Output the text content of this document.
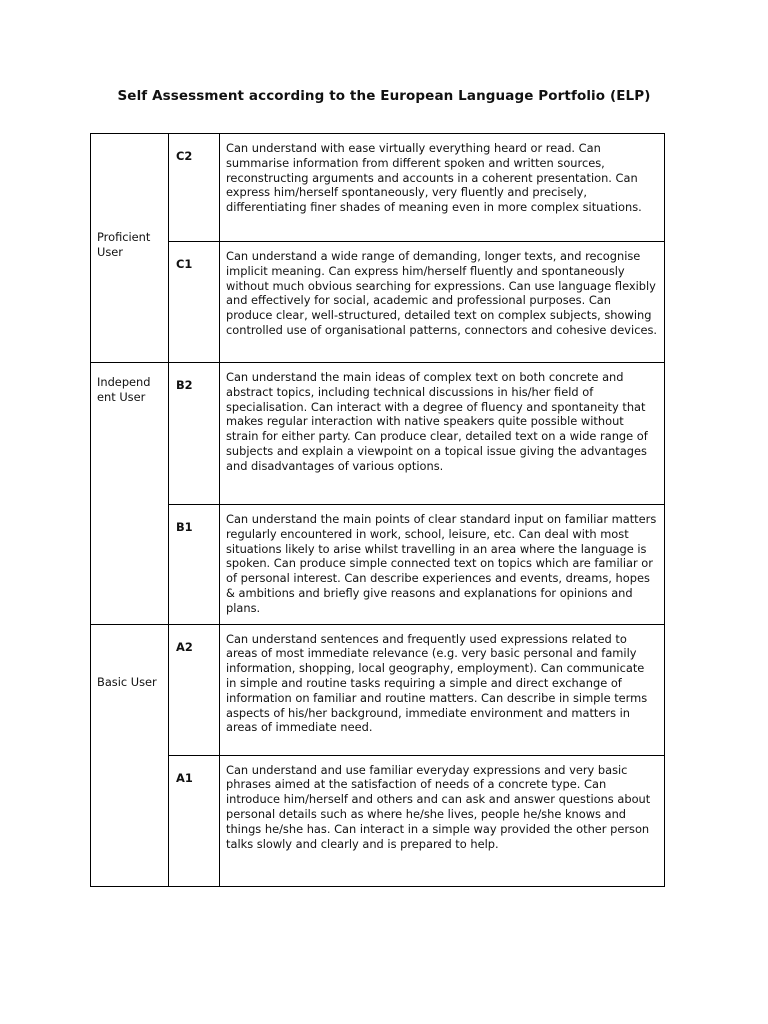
Self Assessment according to the European Language Portfolio (ELP)
Proficient User	C2	Can understand with ease virtually everything heard or read. Can summarise information from different spoken and written sources, reconstructing arguments and accounts in a coherent presentation. Can express him/herself spontaneously, very fluently and precisely, differentiating finer shades of meaning even in more complex situations.

	C1	Can understand a wide range of demanding, longer texts, and recognise implicit meaning. Can express him/herself fluently and spontaneously without much obvious searching for expressions. Can use language flexibly and effectively for social, academic and professional purposes. Can produce clear, well-structured, detailed text on complex subjects, showing controlled use of organisational patterns, connectors and cohesive devices.

Independ ent User	B2	Can understand the main ideas of complex text on both concrete and abstract topics, including technical discussions in his/her field of specialisation. Can interact with a degree of fluency and spontaneity that makes regular interaction with native speakers quite possible without strain for either party. Can produce clear, detailed text on a wide range of subjects and explain a viewpoint on a topical issue giving the advantages and disadvantages of various options.

	B1	Can understand the main points of clear standard input on familiar matters regularly encountered in work, school, leisure, etc. Can deal with most situations likely to arise whilst travelling in an area where the language is spoken. Can produce simple connected text on topics which are familiar or of personal interest. Can describe experiences and events, dreams, hopes & ambitions and briefly give reasons and explanations for opinions and plans.

Basic User	A2	Can understand sentences and frequently used expressions related to areas of most immediate relevance (e.g. very basic personal and family information, shopping, local geography, employment). Can communicate in simple and routine tasks requiring a simple and direct exchange of information on familiar and routine matters. Can describe in simple terms aspects of his/her background, immediate environment and matters in areas of immediate need.

	A1	Can understand and use familiar everyday expressions and very basic phrases aimed at the satisfaction of needs of a concrete type. Can introduce him/herself and others and can ask and answer questions about personal details such as where he/she lives, people he/she knows and things he/she has. Can interact in a simple way provided the other person talks slowly and clearly and is prepared to help.
